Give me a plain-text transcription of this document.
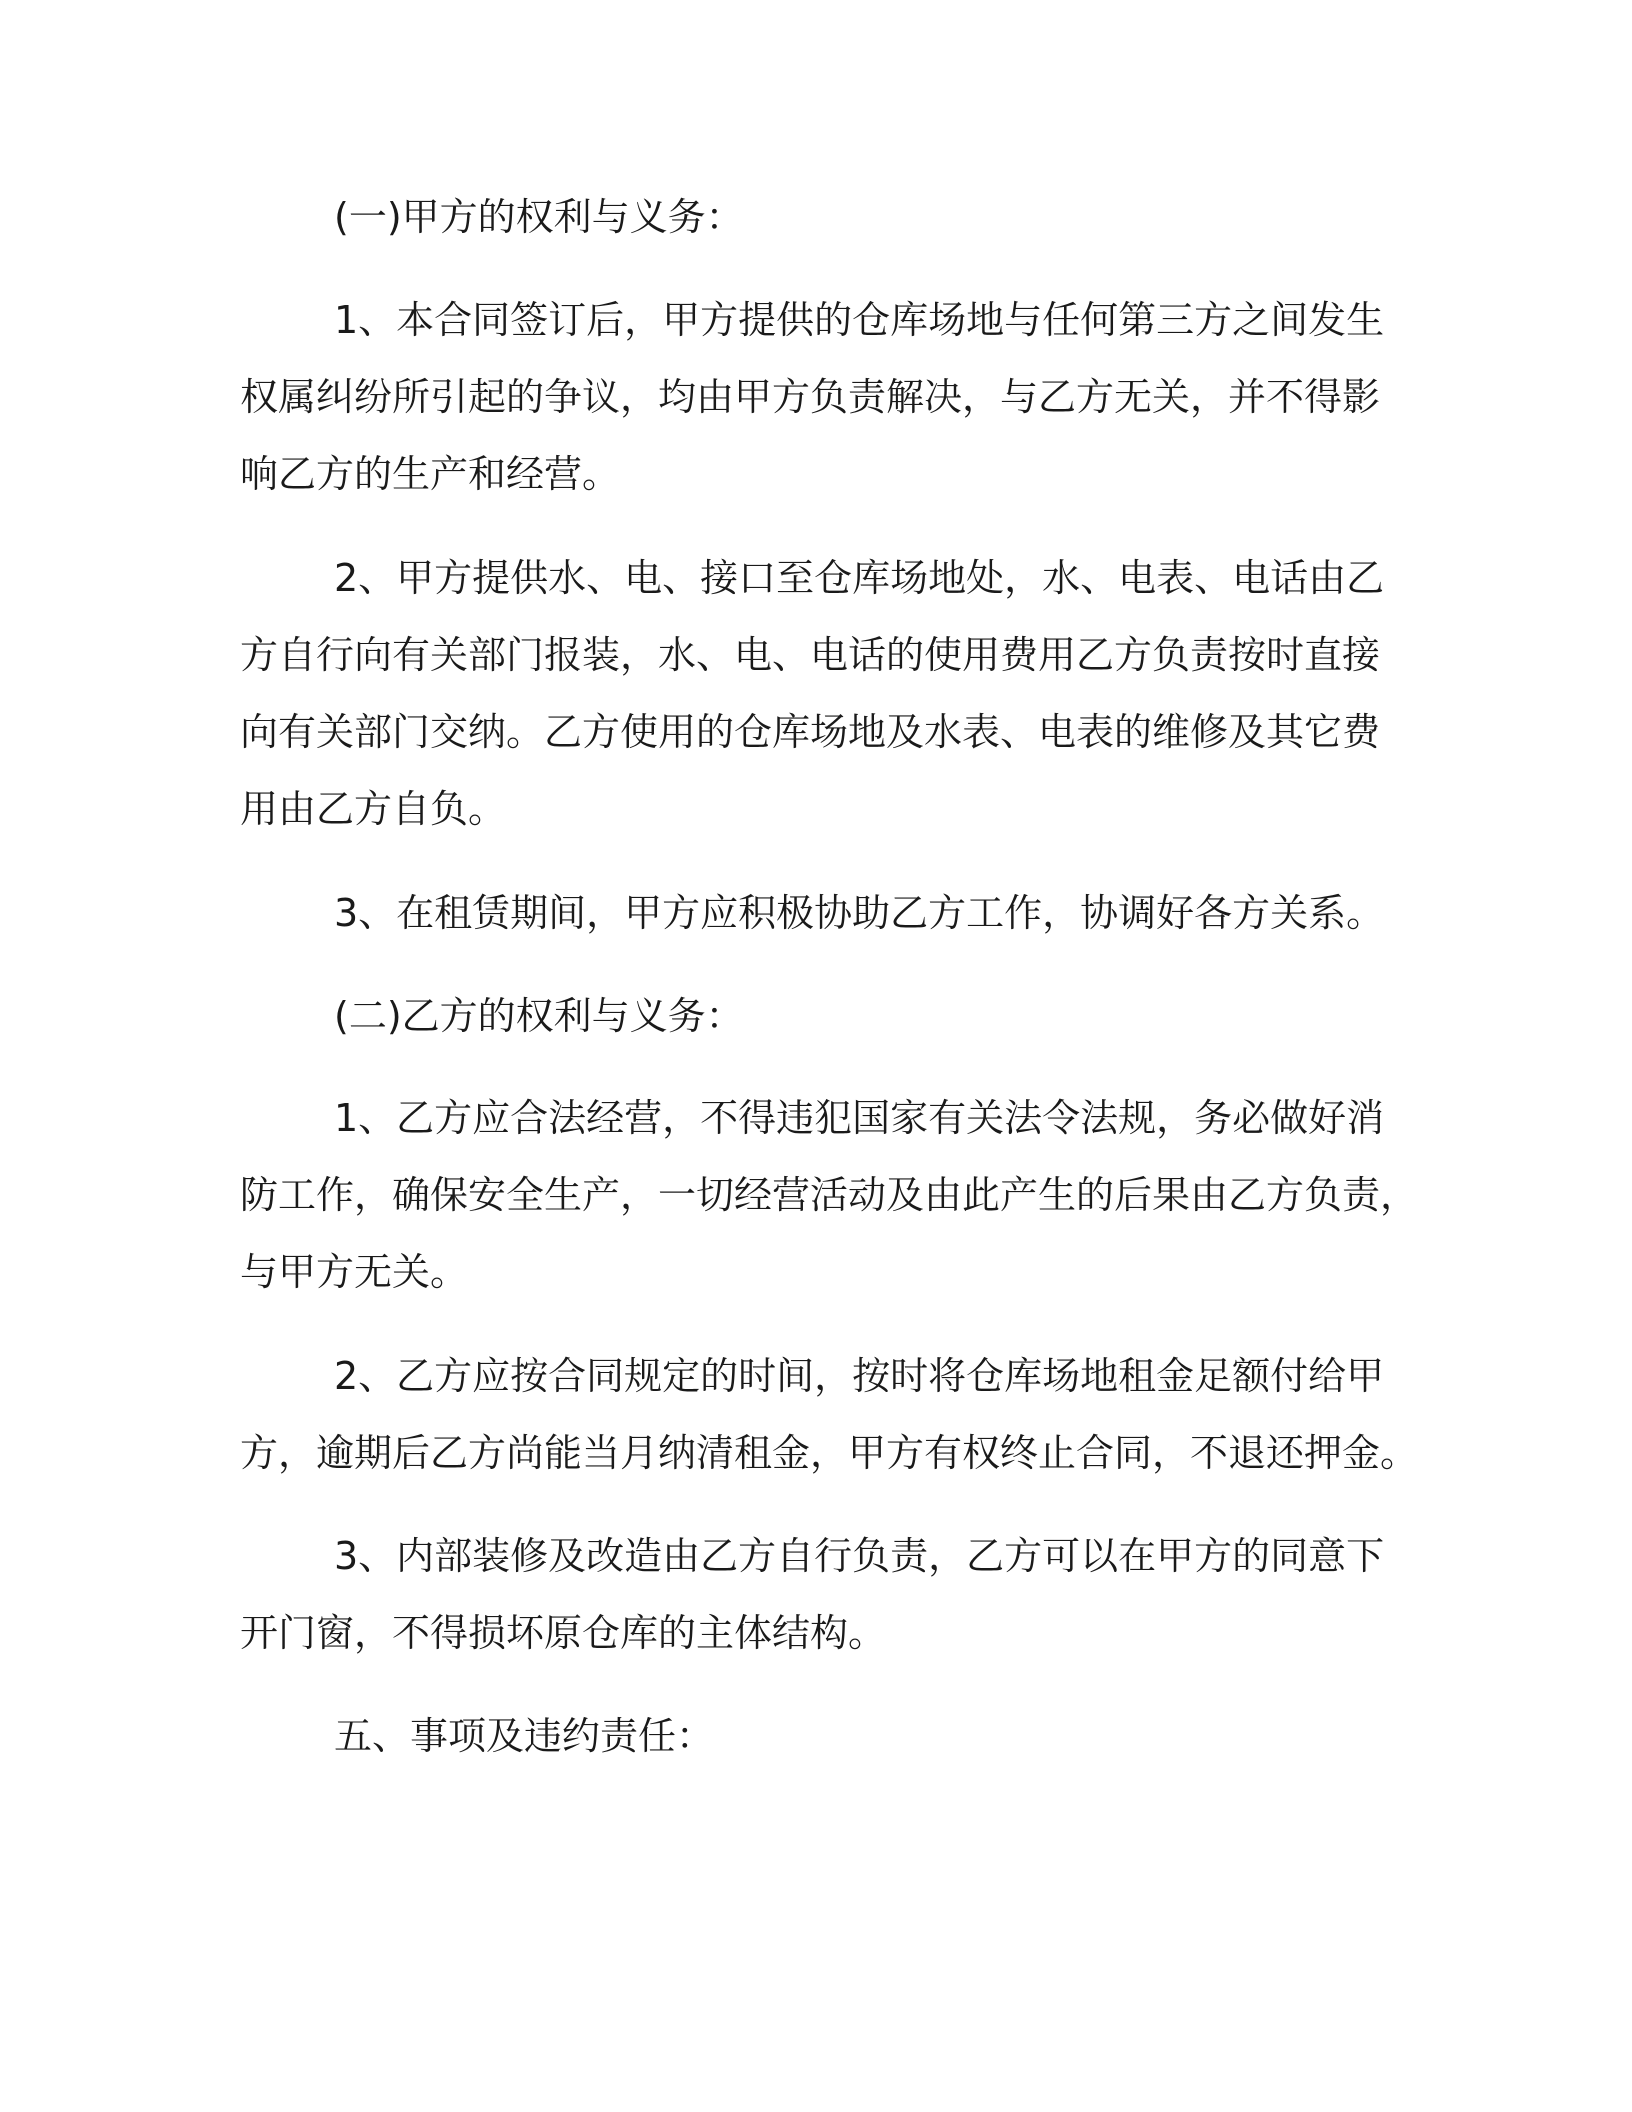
(一)甲方的权利与义务：

1、本合同签订后，甲方提供的仓库场地与任何第三方之间发生
权属纠纷所引起的争议，均由甲方负责解决，与乙方无关，并不得影
响乙方的生产和经营。

2、甲方提供水、电、接口至仓库场地处，水、电表、电话由乙
方自行向有关部门报装，水、电、电话的使用费用乙方负责按时直接
向有关部门交纳。乙方使用的仓库场地及水表、电表的维修及其它费
用由乙方自负。

3、在租赁期间，甲方应积极协助乙方工作，协调好各方关系。

(二)乙方的权利与义务：

1、乙方应合法经营，不得违犯国家有关法令法规，务必做好消
防工作，确保安全生产，一切经营活动及由此产生的后果由乙方负责，
与甲方无关。

2、乙方应按合同规定的时间，按时将仓库场地租金足额付给甲
方，逾期后乙方尚能当月纳清租金，甲方有权终止合同，不退还押金。

3、内部装修及改造由乙方自行负责，乙方可以在甲方的同意下
开门窗，不得损坏原仓库的主体结构。

五、事项及违约责任：
